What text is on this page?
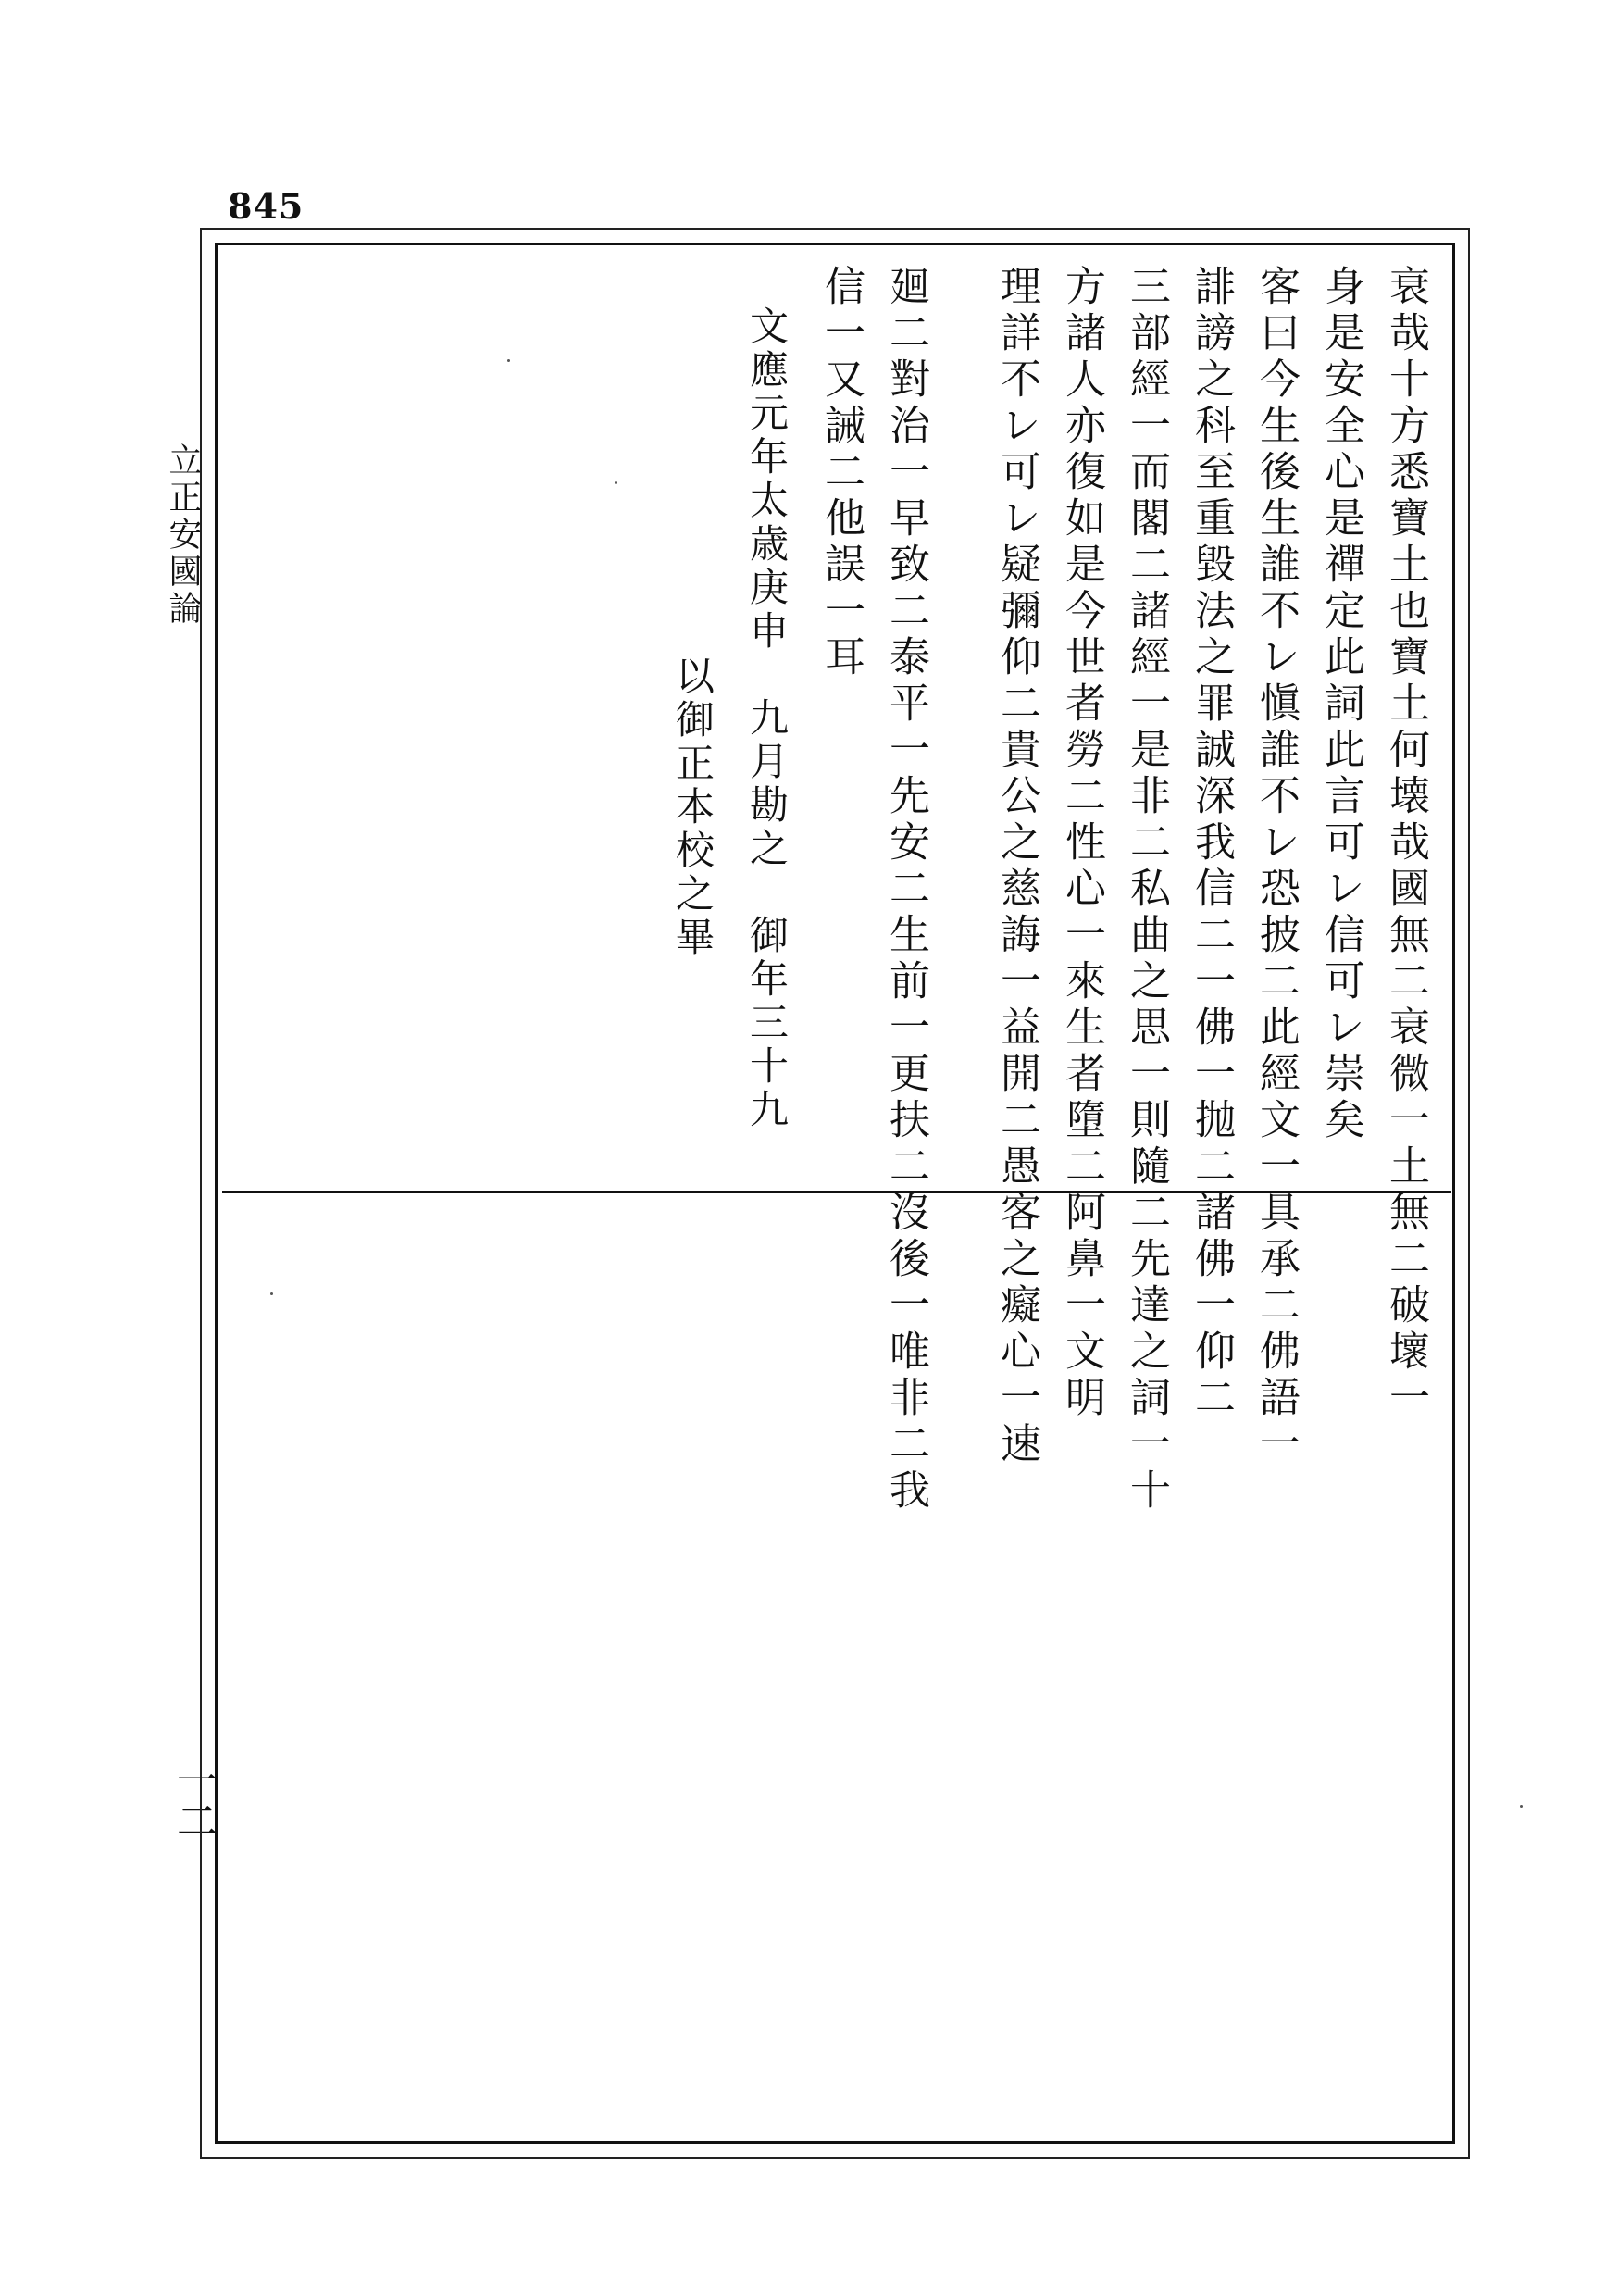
845
立正安國論
一二
衰哉十方悉寶土也寶土何壊哉國無二衰微一土無二破壞一
身是安全心是禪定此詞此言可レ信可レ崇矣
客曰今生後生誰不レ愼誰不レ恐披二此經文一具承二佛語一
誹謗之科至重毀法之罪誠深我信二一佛一抛二諸佛一仰二
三部經一而閣二諸經一是非二私曲之思一則隨二先達之詞一十
方諸人亦復如是今世者勞二性心一來生者墮二阿鼻一文明
理詳不レ可レ疑彌仰二貴公之慈誨一益開二愚客之癡心一速
廻二對治一早致二泰平一先安二生前一更扶二沒後一唯非二我
信一又誡二他誤一耳
文應元年太歳庚申　九月勘之　御年三十九
以御正本校之畢
